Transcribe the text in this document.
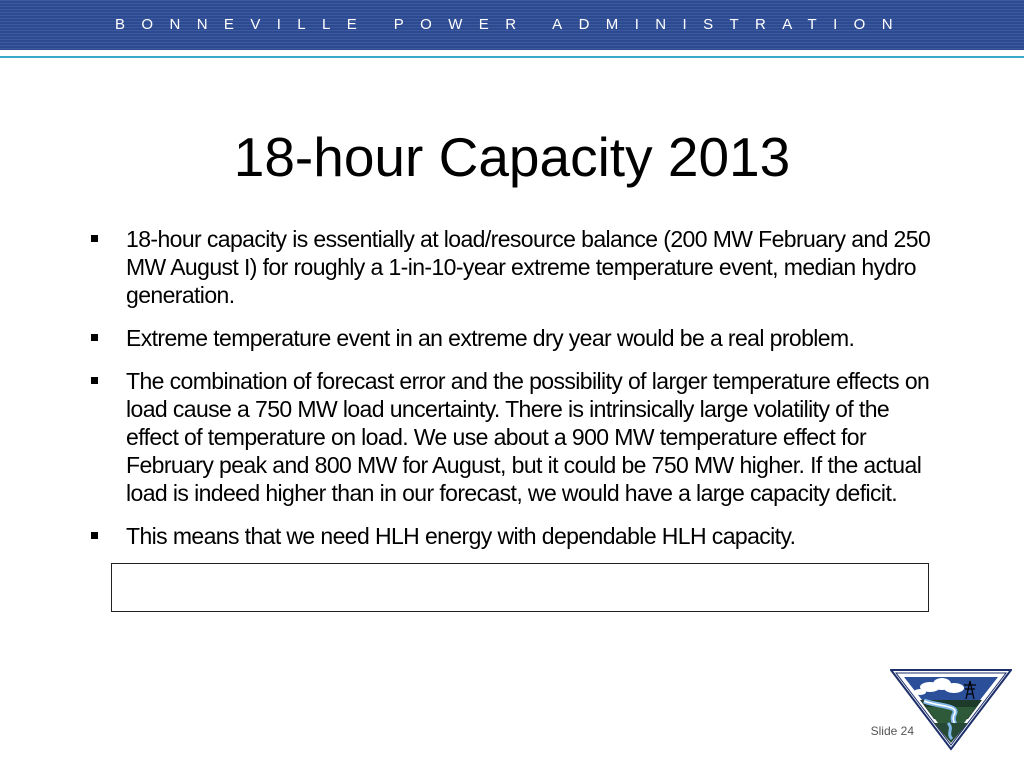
BONNEVILLE POWER ADMINISTRATION
18-hour Capacity 2013
18-hour capacity is essentially at load/resource balance (200 MW February and 250 MW August I) for roughly a 1-in-10-year extreme temperature event, median hydro generation.
Extreme temperature event in an extreme dry year would be a real problem.
The combination of forecast error and the possibility of larger temperature effects on load cause a 750 MW load uncertainty. There is intrinsically large volatility of the effect of temperature on load. We use about a 900 MW temperature effect for February peak and 800 MW for August, but it could be 750 MW higher. If the actual load is indeed higher than in our forecast, we would have a large capacity deficit.
This means that we need HLH energy with dependable HLH capacity.
Slide 24
